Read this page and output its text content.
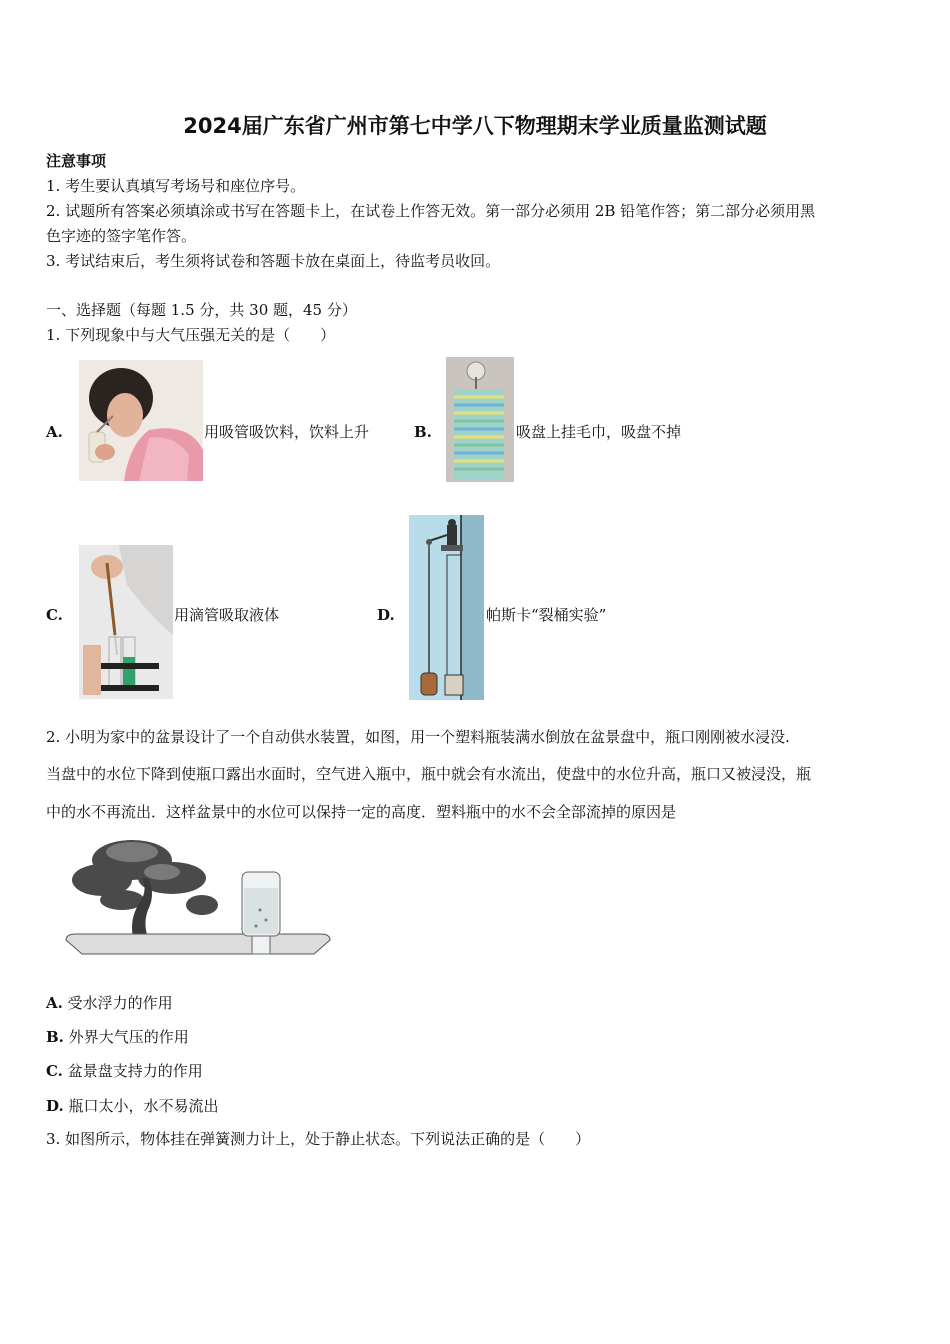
2024届广东省广州市第七中学八下物理期末学业质量监测试题
注意事项
1. 考生要认真填写考场号和座位序号。
2. 试题所有答案必须填涂或书写在答题卡上，在试卷上作答无效。第一部分必须用 2B 铅笔作答；第二部分必须用黑
色字迹的签字笔作答。
3. 考试结束后，考生须将试卷和答题卡放在桌面上，待监考员收回。
一、选择题（每题 1.5 分，共 30 题，45 分）
1. 下列现象中与大气压强无关的是（　　）
A.	用吸管吸饮料，饮料上升	B.	吸盘上挂毛巾，吸盘不掉
C.	用滴管吸取液体	D.	帕斯卡“裂桶实验”
2. 小明为家中的盆景设计了一个自动供水装置，如图，用一个塑料瓶装满水倒放在盆景盘中，瓶口刚刚被水浸没.
当盘中的水位下降到使瓶口露出水面时，空气进入瓶中，瓶中就会有水流出，使盘中的水位升高，瓶口又被浸没，瓶
中的水不再流出．这样盆景中的水位可以保持一定的高度．塑料瓶中的水不会全部流掉的原因是
A. 受水浮力的作用
B. 外界大气压的作用
C. 盆景盘支持力的作用
D. 瓶口太小，水不易流出
3. 如图所示，物体挂在弹簧测力计上，处于静止状态。下列说法正确的是（　　）
